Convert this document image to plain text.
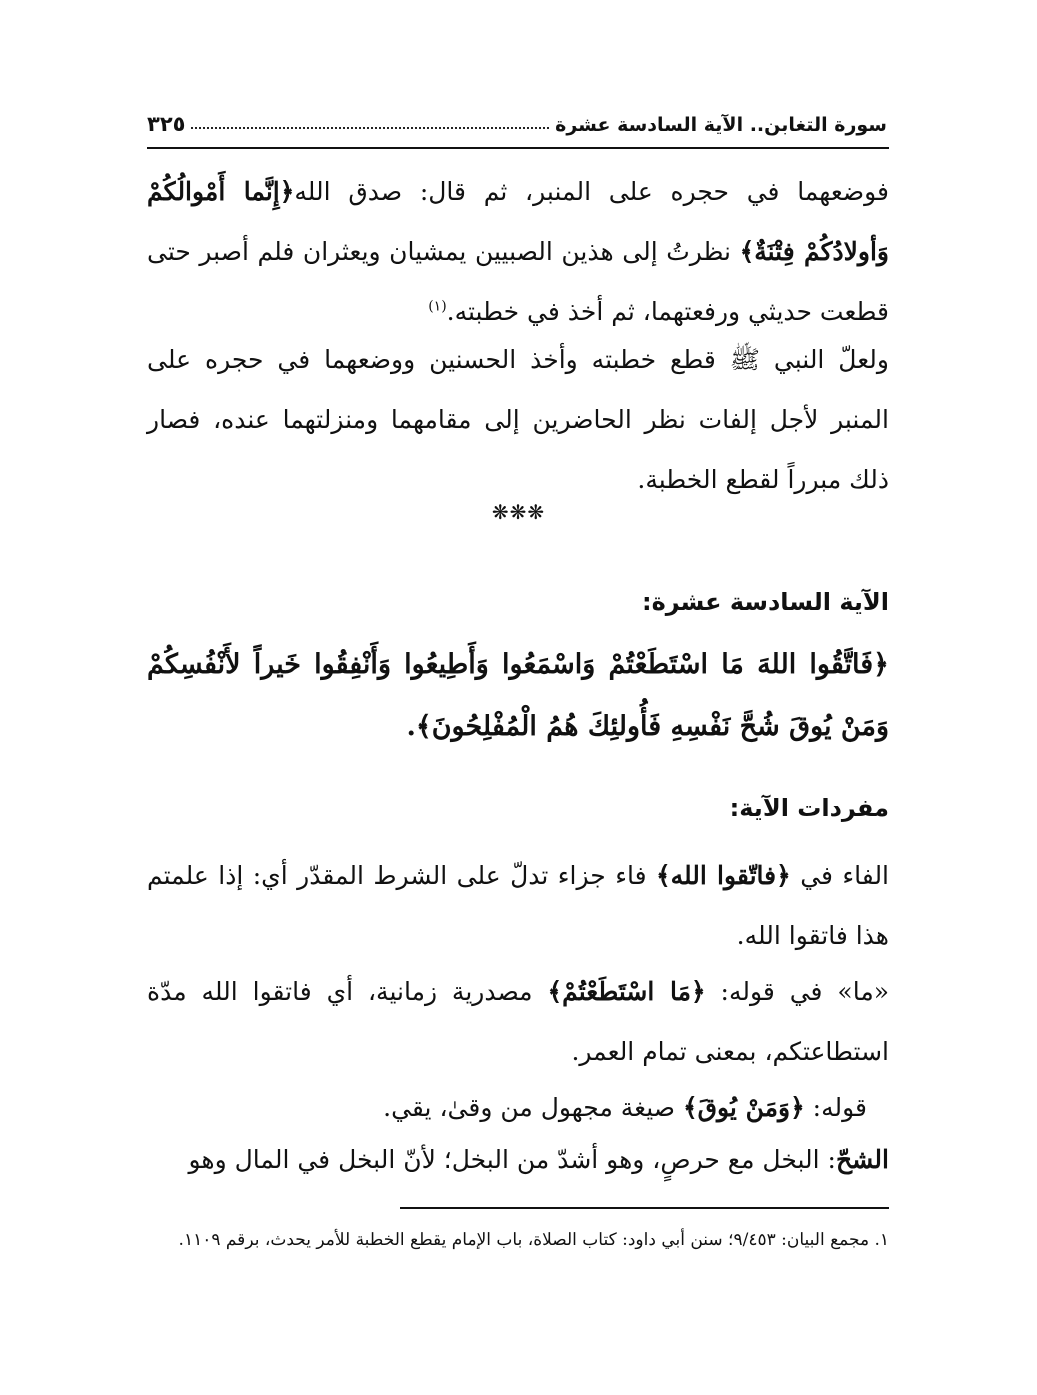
سورة التغابن.. الآية السادسة عشرة
٣٢٥

فوضعهما في حجره على المنبر، ثم قال: صدق الله﴿إِنَّما أَمْوالُكُمْ وَأولادُكُمْ فِتْنَةٌ﴾ نظرتُ إلى هذين الصبيين يمشيان ويعثران فلم أصبر حتى قطعت حديثي ورفعتهما، ثم أخذ في خطبته.$^{(١)}$

ولعلّ النبي ﷺ قطع خطبته وأخذ الحسنين ووضعهما في حجره على المنبر لأجل إلفات نظر الحاضرين إلى مقامهما ومنزلتهما عنده، فصار ذلك مبرراً لقطع الخطبة.

❋❋❋
الآية السادسة عشرة:

﴿فَاتَّقُوا اللهَ مَا اسْتَطَعْتُمْ وَاسْمَعُوا وَأَطِيعُوا وَأَنْفِقُوا خَيراً لأَنْفُسِكُمْ وَمَنْ يُوقَ شُحَّ نَفْسِهِ فَأُولئِكَ هُمُ الْمُفْلِحُونَ﴾.

مفردات الآية:

الفاء في ﴿فاتّقوا الله﴾ فاء جزاء تدلّ على الشرط المقدّر أي: إذا علمتم هذا فاتقوا الله.

«ما» في قوله: ﴿مَا اسْتَطَعْتُمْ﴾ مصدرية زمانية، أي فاتقوا الله مدّة استطاعتكم، بمعنى تمام العمر.

قوله: ﴿وَمَنْ يُوقَ﴾ صيغة مجهول من وقىٰ، يقي.

الشحّ: البخل مع حرصٍ، وهو أشدّ من البخل؛ لأنّ البخل في المال وهو

١. مجمع البيان: ٩/٤٥٣؛ سنن أبي داود: كتاب الصلاة، باب الإمام يقطع الخطبة للأمر يحدث، برقم ١١٠٩.
